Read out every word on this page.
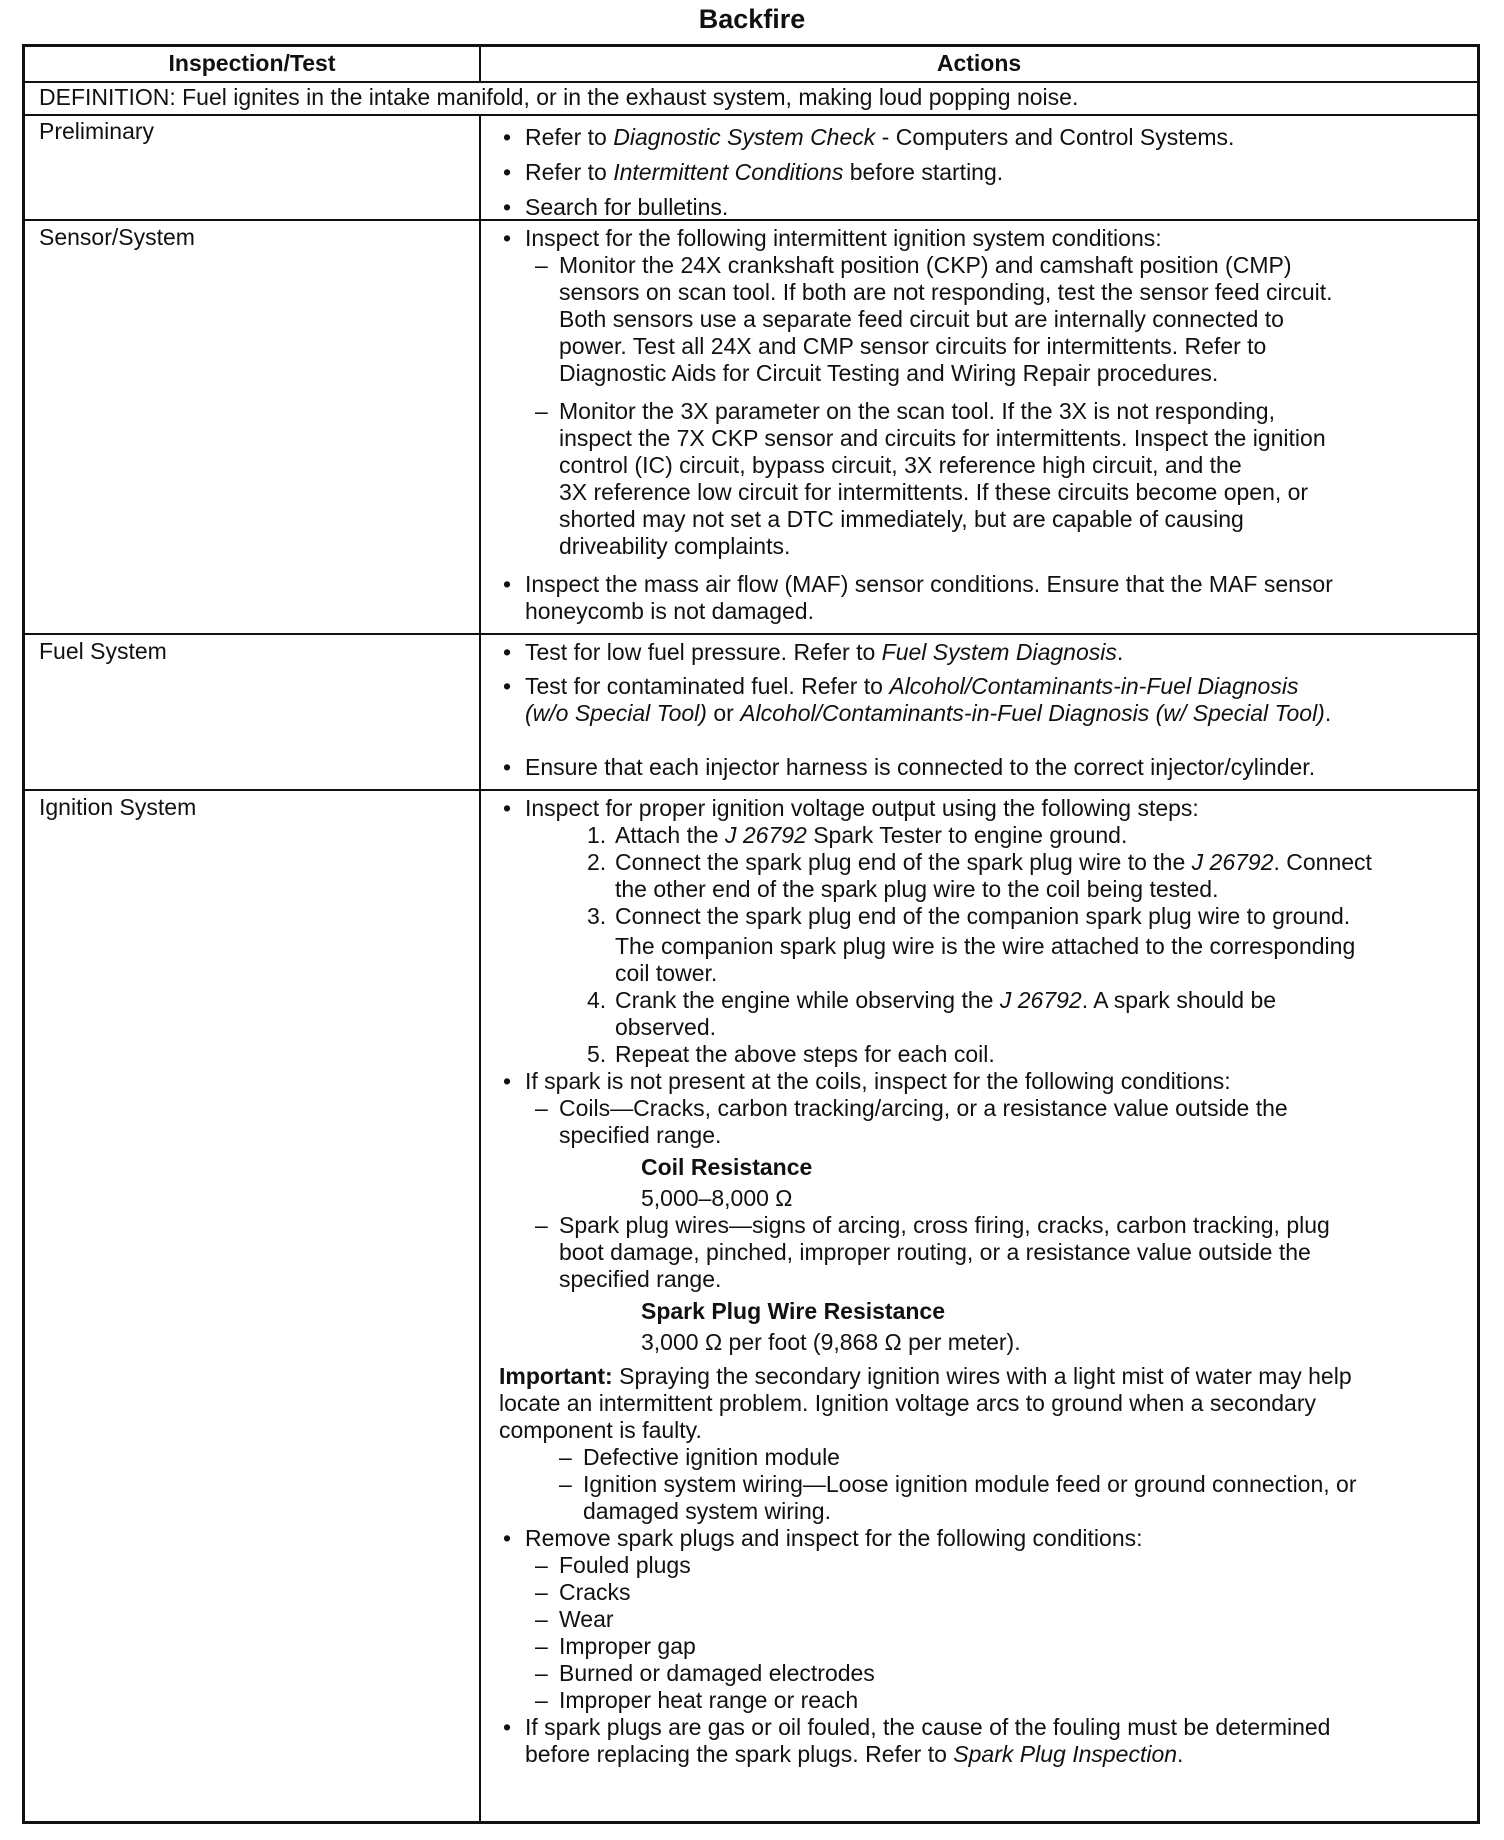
Backfire
Inspection/Test	Actions
DEFINITION: Fuel ignites in the intake manifold, or in the exhaust system, making loud popping noise.
Preliminary	• Refer to Diagnostic System Check - Computers and Control Systems.
• Refer to Intermittent Conditions before starting.
• Search for bulletins.
Sensor/System	• Inspect for the following intermittent ignition system conditions:
– Monitor the 24X crankshaft position (CKP) and camshaft position (CMP)
sensors on scan tool. If both are not responding, test the sensor feed circuit.
Both sensors use a separate feed circuit but are internally connected to
power. Test all 24X and CMP sensor circuits for intermittents. Refer to
Diagnostic Aids for Circuit Testing and Wiring Repair procedures.
– Monitor the 3X parameter on the scan tool. If the 3X is not responding,
inspect the 7X CKP sensor and circuits for intermittents. Inspect the ignition
control (IC) circuit, bypass circuit, 3X reference high circuit, and the
3X reference low circuit for intermittents. If these circuits become open, or
shorted may not set a DTC immediately, but are capable of causing
driveability complaints.
• Inspect the mass air flow (MAF) sensor conditions. Ensure that the MAF sensor
honeycomb is not damaged.
Fuel System	• Test for low fuel pressure. Refer to Fuel System Diagnosis.
• Test for contaminated fuel. Refer to Alcohol/Contaminants-in-Fuel Diagnosis
(w/o Special Tool) or Alcohol/Contaminants-in-Fuel Diagnosis (w/ Special Tool).
• Ensure that each injector harness is connected to the correct injector/cylinder.
Ignition System	• Inspect for proper ignition voltage output using the following steps:
1. Attach the J 26792 Spark Tester to engine ground.
2. Connect the spark plug end of the spark plug wire to the J 26792. Connect
the other end of the spark plug wire to the coil being tested.
3. Connect the spark plug end of the companion spark plug wire to ground.
The companion spark plug wire is the wire attached to the corresponding
coil tower.
4. Crank the engine while observing the J 26792. A spark should be
observed.
5. Repeat the above steps for each coil.
• If spark is not present at the coils, inspect for the following conditions:
– Coils—Cracks, carbon tracking/arcing, or a resistance value outside the
specified range.
Coil Resistance
5,000–8,000 Ω
– Spark plug wires—signs of arcing, cross firing, cracks, carbon tracking, plug
boot damage, pinched, improper routing, or a resistance value outside the
specified range.
Spark Plug Wire Resistance
3,000 Ω per foot (9,868 Ω per meter).
Important: Spraying the secondary ignition wires with a light mist of water may help
locate an intermittent problem. Ignition voltage arcs to ground when a secondary
component is faulty.
– Defective ignition module
– Ignition system wiring—Loose ignition module feed or ground connection, or
damaged system wiring.
• Remove spark plugs and inspect for the following conditions:
– Fouled plugs
– Cracks
– Wear
– Improper gap
– Burned or damaged electrodes
– Improper heat range or reach
• If spark plugs are gas or oil fouled, the cause of the fouling must be determined
before replacing the spark plugs. Refer to Spark Plug Inspection.
